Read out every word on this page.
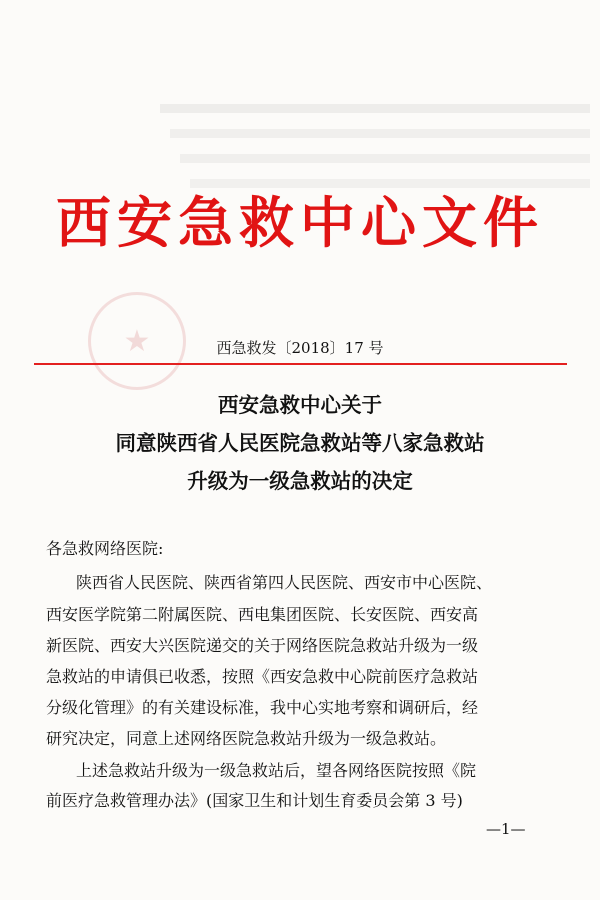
★
西安急救中心文件
西急救发〔2018〕17 号
西安急救中心关于
同意陕西省人民医院急救站等八家急救站
升级为一级急救站的决定
各急救网络医院:
陕西省人民医院、陕西省第四人民医院、西安市中心医院、
西安医学院第二附属医院、西电集团医院、长安医院、西安高
新医院、西安大兴医院递交的关于网络医院急救站升级为一级
急救站的申请俱已收悉，按照《西安急救中心院前医疗急救站
分级化管理》的有关建设标准，我中心实地考察和调研后，经
研究决定，同意上述网络医院急救站升级为一级急救站。
上述急救站升级为一级急救站后，望各网络医院按照《院
前医疗急救管理办法》(国家卫生和计划生育委员会第 3 号)
—1—
